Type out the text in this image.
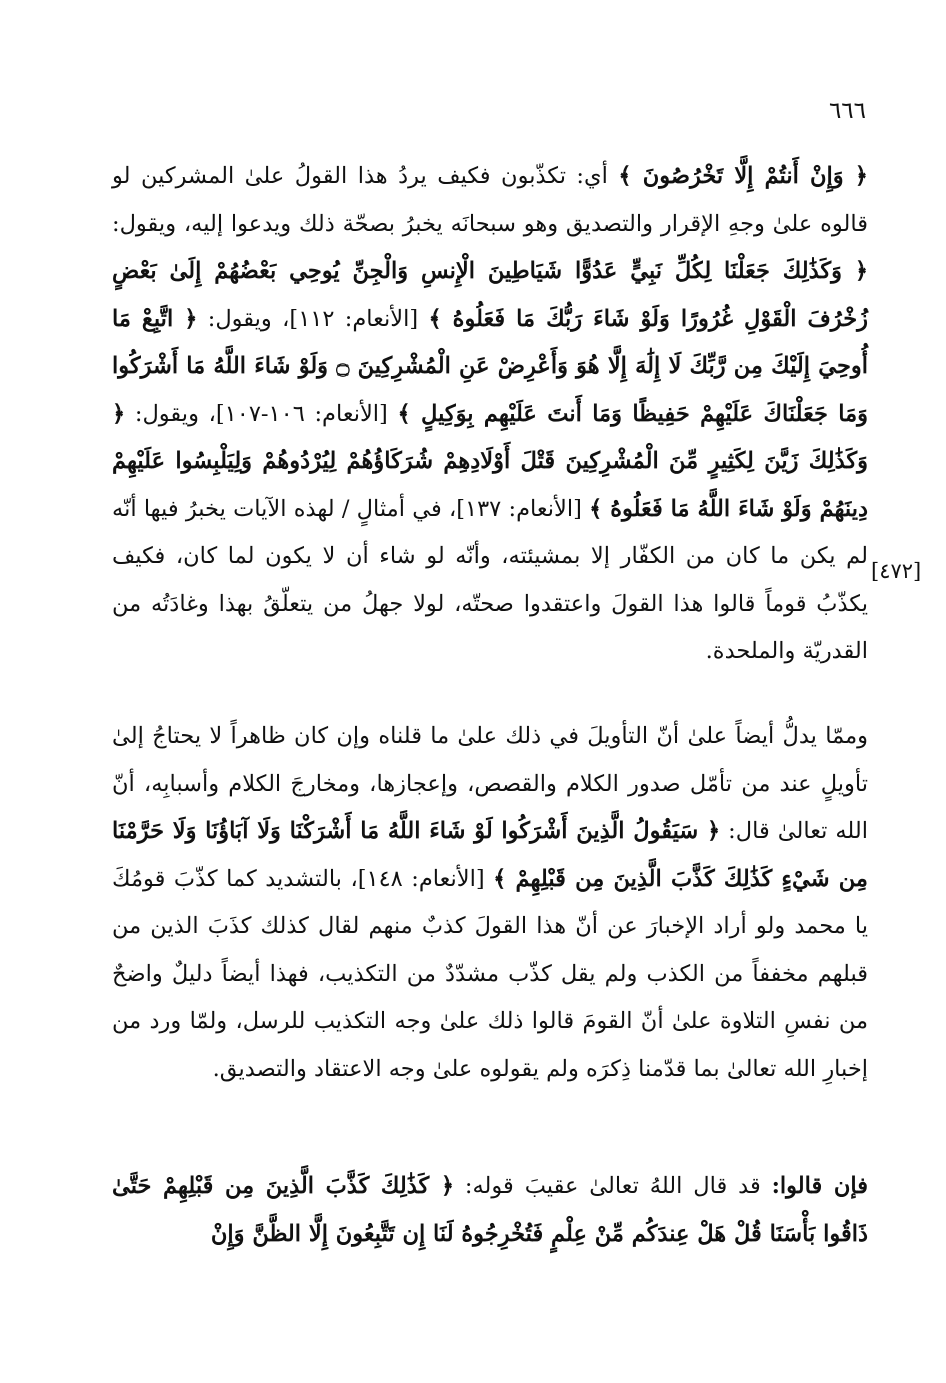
٦٦٦
[٤٧٢]

﴿ وَإِنْ أَنتُمْ إِلَّا تَخْرُصُونَ ﴾ أي: تكذّبون فكيف يردُ هذا القولُ علىٰ المشركين لو قالوه علىٰ وجهِ الإقرار والتصديق وهو سبحانَه يخبرُ بصحّة ذلك ويدعوا إليه، ويقول: ﴿ وَكَذَٰلِكَ جَعَلْنَا لِكُلِّ نَبِيٍّ عَدُوًّا شَيَاطِينَ الْإِنسِ وَالْجِنِّ يُوحِي بَعْضُهُمْ إِلَىٰ بَعْضٍ زُخْرُفَ الْقَوْلِ غُرُورًا وَلَوْ شَاءَ رَبُّكَ مَا فَعَلُوهُ ﴾ [الأنعام: ١١٢]، ويقول: ﴿ اتَّبِعْ مَا أُوحِيَ إِلَيْكَ مِن رَّبِّكَ لَا إِلَٰهَ إِلَّا هُوَ وَأَعْرِضْ عَنِ الْمُشْرِكِينَ ۝ وَلَوْ شَاءَ اللَّهُ مَا أَشْرَكُوا وَمَا جَعَلْنَاكَ عَلَيْهِمْ حَفِيظًا وَمَا أَنتَ عَلَيْهِم بِوَكِيلٍ ﴾ [الأنعام: ١٠٦-١٠٧]، ويقول: ﴿ وَكَذَٰلِكَ زَيَّنَ لِكَثِيرٍ مِّنَ الْمُشْرِكِينَ قَتْلَ أَوْلَادِهِمْ شُرَكَاؤُهُمْ لِيُرْدُوهُمْ وَلِيَلْبِسُوا عَلَيْهِمْ دِينَهُمْ وَلَوْ شَاءَ اللَّهُ مَا فَعَلُوهُ ﴾ [الأنعام: ١٣٧]، في أمثالٍ / لهذه الآيات يخبرُ فيها أنّه لم يكن ما كان من الكفّار إلا بمشيئته، وأنّه لو شاء أن لا يكون لما كان، فكيف يكذّبُ قوماً قالوا هذا القولَ واعتقدوا صحتّه، لولا جهلُ من يتعلّقُ بهذا وغادَتُه من القدريّة والملحدة.

وممّا يدلُّ أيضاً علىٰ أنّ التأويلَ في ذلك علىٰ ما قلناه وإن كان ظاهراً لا يحتاجُ إلىٰ تأويلٍ عند من تأمّل صدور الكلام والقصص، وإعجازها، ومخارجَ الكلام وأسبابِه، أنّ الله تعالىٰ قال: ﴿ سَيَقُولُ الَّذِينَ أَشْرَكُوا لَوْ شَاءَ اللَّهُ مَا أَشْرَكْنَا وَلَا آبَاؤُنَا وَلَا حَرَّمْنَا مِن شَيْءٍ كَذَٰلِكَ كَذَّبَ الَّذِينَ مِن قَبْلِهِمْ ﴾ [الأنعام: ١٤٨]، بالتشديد كما كذّبَ قومُكَ يا محمد ولو أراد الإخبارَ عن أنّ هذا القولَ كذبٌ منهم لقال كذلك كذَبَ الذين من قبلهم مخففاً من الكذب ولم يقل كذّب مشدّدٌ من التكذيب، فهذا أيضاً دليلٌ واضحٌ من نفسِ التلاوة علىٰ أنّ القومَ قالوا ذلك علىٰ وجه التكذيب للرسل، ولمّا ورد من إخبارِ الله تعالىٰ بما قدّمنا ذِكرَه ولم يقولوه علىٰ وجه الاعتقاد والتصديق.

فإن قالوا: قد قال اللهُ تعالىٰ عقيبَ قوله: ﴿ كَذَٰلِكَ كَذَّبَ الَّذِينَ مِن قَبْلِهِمْ حَتَّىٰ ذَاقُوا بَأْسَنَا قُلْ هَلْ عِندَكُم مِّنْ عِلْمٍ فَتُخْرِجُوهُ لَنَا إِن تَتَّبِعُونَ إِلَّا الظَّنَّ وَإِنْ
